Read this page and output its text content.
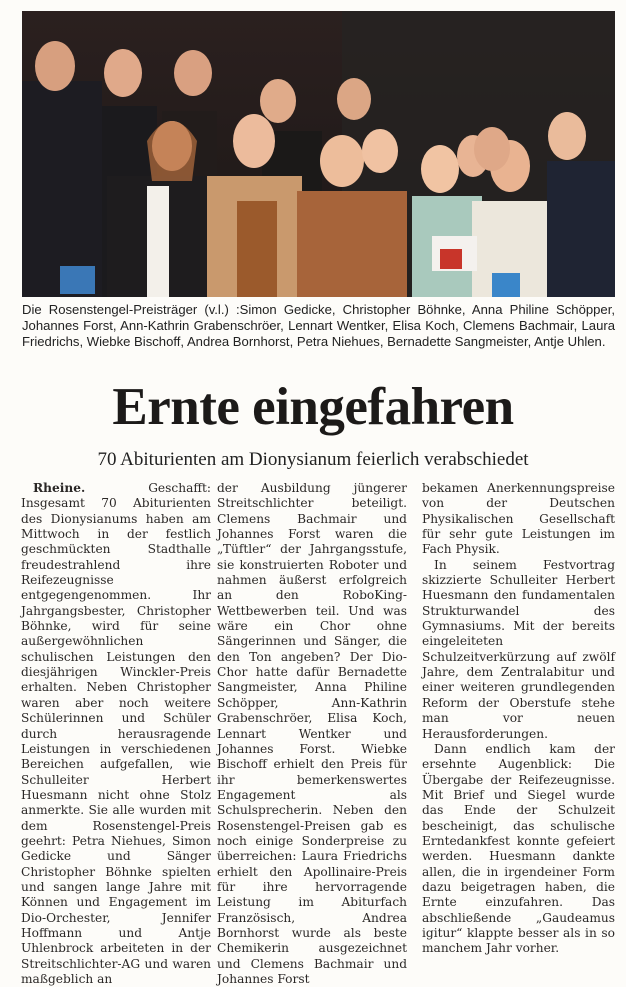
Die Rosenstengel-Preisträger (v.l.) :Simon Gedicke, Christopher Böhnke, Anna Philine Schöpper, Johannes Forst, Ann-Kathrin Grabenschröer, Lennart Wentker, Elisa Koch, Clemens Bachmair, Laura Friedrichs, Wiebke Bischoff, Andrea Bornhorst, Petra Niehues, Bernadette Sangmeister, Antje Uhlen.
Ernte eingefahren
70 Abiturienten am Dionysianum feierlich verabschiedet

Rheine.	Geschafft: Insgesamt 70 Abiturienten des Dionysianums haben am Mittwoch in der festlich geschmückten Stadthalle freudestrahlend ihre Reifezeugnisse entgegengenommen. Ihr Jahrgangsbester, Christopher Böhnke, wird für seine außergewöhnlichen schulischen Leistungen den diesjährigen Winckler-Preis erhalten. Neben Christopher waren aber noch weitere Schülerinnen und Schüler durch herausragende Leistungen in verschiedenen Bereichen aufgefallen, wie Schulleiter Herbert Huesmann nicht ohne Stolz anmerkte. Sie alle wurden mit dem Rosenstengel-Preis geehrt: Petra Niehues, Simon Gedicke und Sänger Christopher Böhnke spielten und sangen lange Jahre mit Können und Engagement im Dio-Orchester, Jennifer Hoffmann und Antje Uhlenbrock arbeiteten in der Streitschlichter-AG und waren maßgeblich an

der Ausbildung jüngerer Streitschlichter beteiligt. Clemens Bachmair und Johannes Forst waren die „Tüftler“ der Jahrgangsstufe, sie konstruierten Roboter und nahmen äußerst erfolgreich an den RoboKing-Wettbewerben teil. Und was wäre ein Chor ohne Sängerinnen und Sänger, die den Ton angeben? Der Dio-Chor hatte dafür Bernadette Sangmeister, Anna Philine Schöpper, Ann-Kathrin Grabenschröer, Elisa Koch, Lennart Wentker und Johannes Forst. Wiebke Bischoff erhielt den Preis für ihr bemerkenswertes Engagement als Schulsprecherin. Neben den Rosenstengel-Preisen gab es noch einige Sonderpreise zu überreichen: Laura Friedrichs erhielt den Apollinaire-Preis für ihre hervorragende Leistung im Abiturfach Französisch, Andrea Bornhorst wurde als beste Chemikerin ausgezeichnet und Clemens Bachmair und Johannes Forst

bekamen Anerkennungspreise von der Deutschen Physikalischen Gesellschaft für sehr gute Leistungen im Fach Physik.

In seinem Festvortrag skizzierte Schulleiter Herbert Huesmann den fundamentalen Strukturwandel des Gymnasiums. Mit der bereits eingeleiteten Schulzeitverkürzung auf zwölf Jahre, dem Zentralabitur und einer weiteren grundlegenden Reform der Oberstufe stehe man vor neuen Herausforderungen.

Dann endlich kam der ersehnte Augenblick: Die Übergabe der Reifezeugnisse. Mit Brief und Siegel wurde das Ende der Schulzeit bescheinigt, das schulische Erntedankfest konnte gefeiert werden. Huesmann dankte allen, die in irgendeiner Form dazu beigetragen haben, die Ernte einzufahren. Das abschließende „Gaudeamus igitur“ klappte besser als in so manchem Jahr vorher.
